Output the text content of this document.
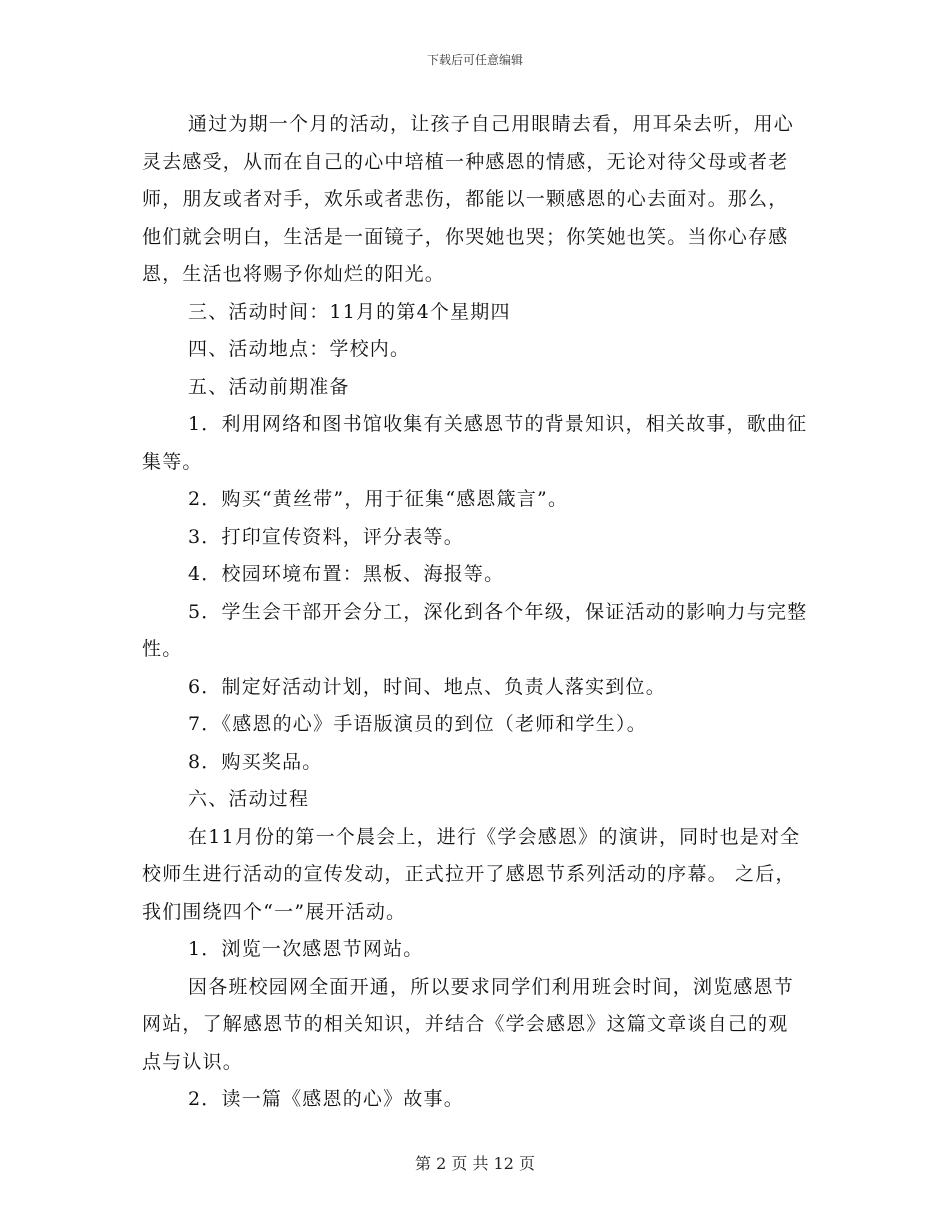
下载后可任意编辑

通过为期一个月的活动，让孩子自己用眼睛去看，用耳朵去听，用心灵去感受，从而在自己的心中培植一种感恩的情感，无论对待父母或者老师，朋友或者对手，欢乐或者悲伤，都能以一颗感恩的心去面对。那么，他们就会明白，生活是一面镜子，你哭她也哭；你笑她也笑。当你心存感恩，生活也将赐予你灿烂的阳光。

三、活动时间：11月的第4个星期四

四、活动地点：学校内。

五、活动前期准备

1．利用网络和图书馆收集有关感恩节的背景知识，相关故事，歌曲征集等。

2．购买“黄丝带”，用于征集“感恩箴言”。

3．打印宣传资料，评分表等。

4．校园环境布置：黑板、海报等。

5．学生会干部开会分工，深化到各个年级，保证活动的影响力与完整性。

6．制定好活动计划，时间、地点、负责人落实到位。

7．《感恩的心》手语版演员的到位（老师和学生）。

8．购买奖品。

六、活动过程

在11月份的第一个晨会上，进行《学会感恩》的演讲，同时也是对全校师生进行活动的宣传发动，正式拉开了感恩节系列活动的序幕。 之后，我们围绕四个“一”展开活动。

1．浏览一次感恩节网站。

因各班校园网全面开通，所以要求同学们利用班会时间，浏览感恩节网站，了解感恩节的相关知识，并结合《学会感恩》这篇文章谈自己的观点与认识。

2．读一篇《感恩的心》故事。

第 2 页 共 12 页
